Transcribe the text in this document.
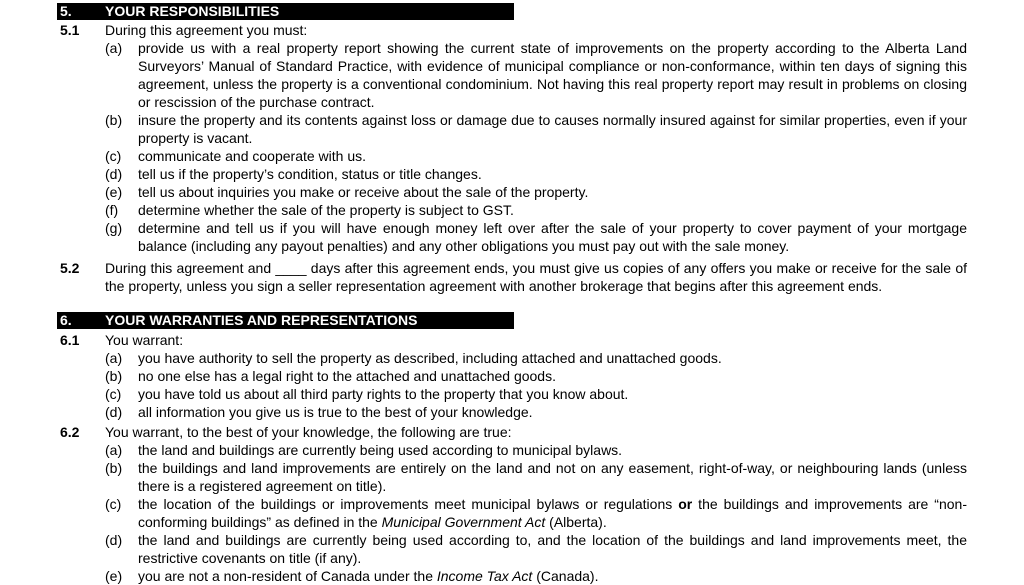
5. YOUR RESPONSIBILITIES
5.1 During this agreement you must:
(a) provide us with a real property report showing the current state of improvements on the property according to the Alberta Land Surveyors’ Manual of Standard Practice, with evidence of municipal compliance or non-conformance, within ten days of signing this agreement, unless the property is a conventional condominium. Not having this real property report may result in problems on closing or rescission of the purchase contract.
(b) insure the property and its contents against loss or damage due to causes normally insured against for similar properties, even if your property is vacant.
(c) communicate and cooperate with us.
(d) tell us if the property’s condition, status or title changes.
(e) tell us about inquiries you make or receive about the sale of the property.
(f) determine whether the sale of the property is subject to GST.
(g) determine and tell us if you will have enough money left over after the sale of your property to cover payment of your mortgage balance (including any payout penalties) and any other obligations you must pay out with the sale money.
5.2 During this agreement and ____ days after this agreement ends, you must give us copies of any offers you make or receive for the sale of the property, unless you sign a seller representation agreement with another brokerage that begins after this agreement ends.
6. YOUR WARRANTIES AND REPRESENTATIONS
6.1 You warrant:
(a) you have authority to sell the property as described, including attached and unattached goods.
(b) no one else has a legal right to the attached and unattached goods.
(c) you have told us about all third party rights to the property that you know about.
(d) all information you give us is true to the best of your knowledge.
6.2 You warrant, to the best of your knowledge, the following are true:
(a) the land and buildings are currently being used according to municipal bylaws.
(b) the buildings and land improvements are entirely on the land and not on any easement, right-of-way, or neighbouring lands (unless there is a registered agreement on title).
(c) the location of the buildings or improvements meet municipal bylaws or regulations or the buildings and improvements are “non-conforming buildings” as defined in the Municipal Government Act (Alberta).
(d) the land and buildings are currently being used according to, and the location of the buildings and land improvements meet, the restrictive covenants on title (if any).
(e) you are not a non-resident of Canada under the Income Tax Act (Canada).
